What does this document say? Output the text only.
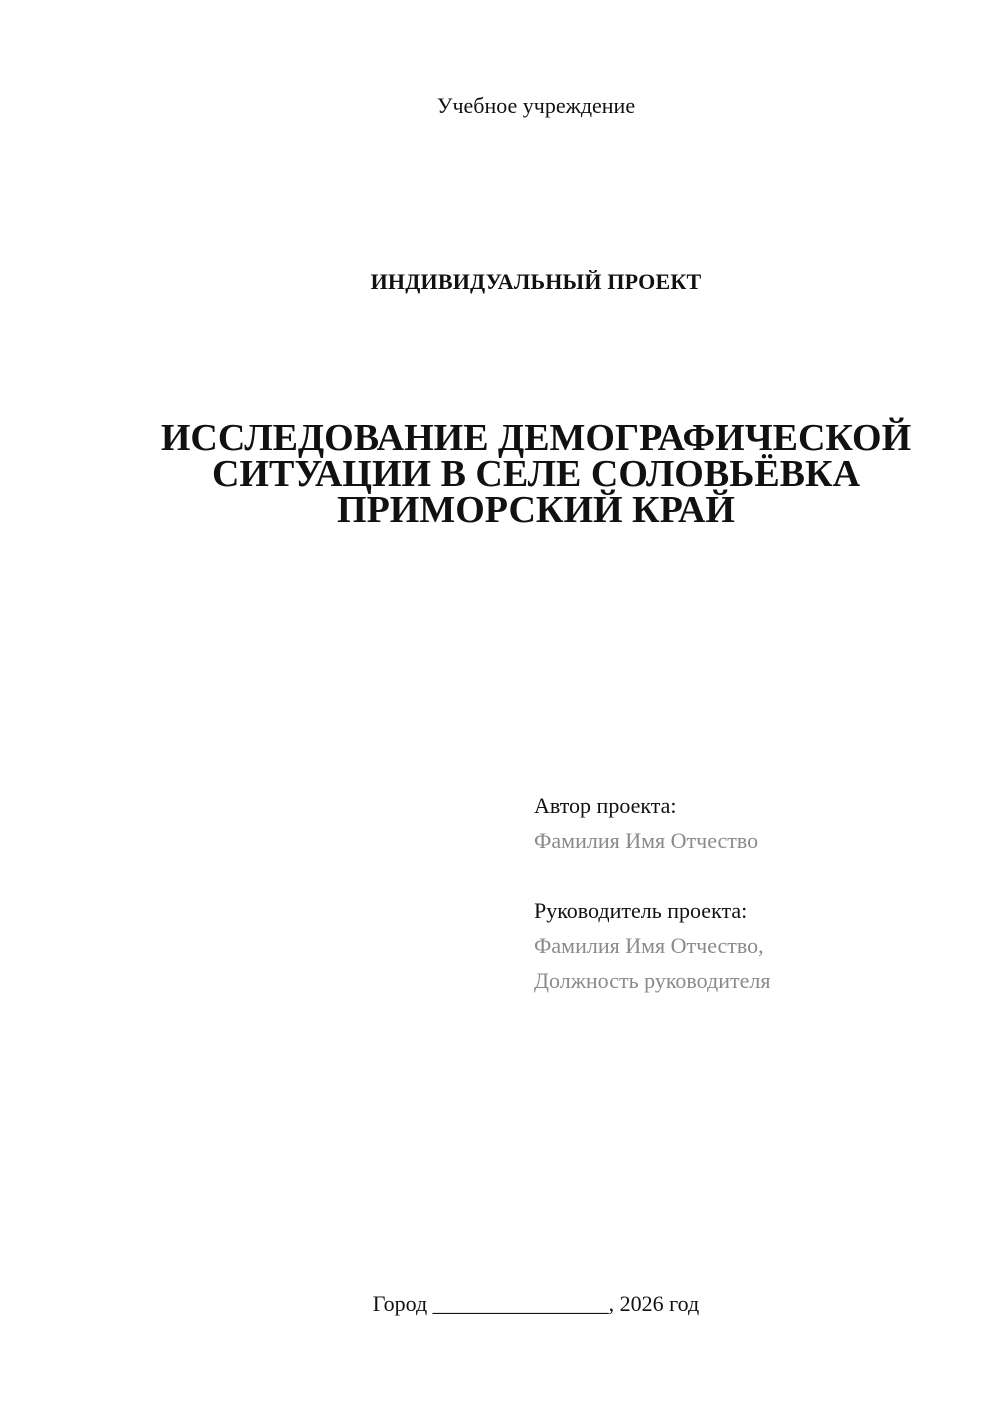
Учебное учреждение
ИНДИВИДУАЛЬНЫЙ ПРОЕКТ
ИССЛЕДОВАНИЕ ДЕМОГРАФИЧЕСКОЙ
СИТУАЦИИ В СЕЛЕ СОЛОВЬЁВКА
ПРИМОРСКИЙ КРАЙ
Автор проекта:
Фамилия Имя Отчество
Руководитель проекта:
Фамилия Имя Отчество,
Должность руководителя
Город ________________, 2026 год
